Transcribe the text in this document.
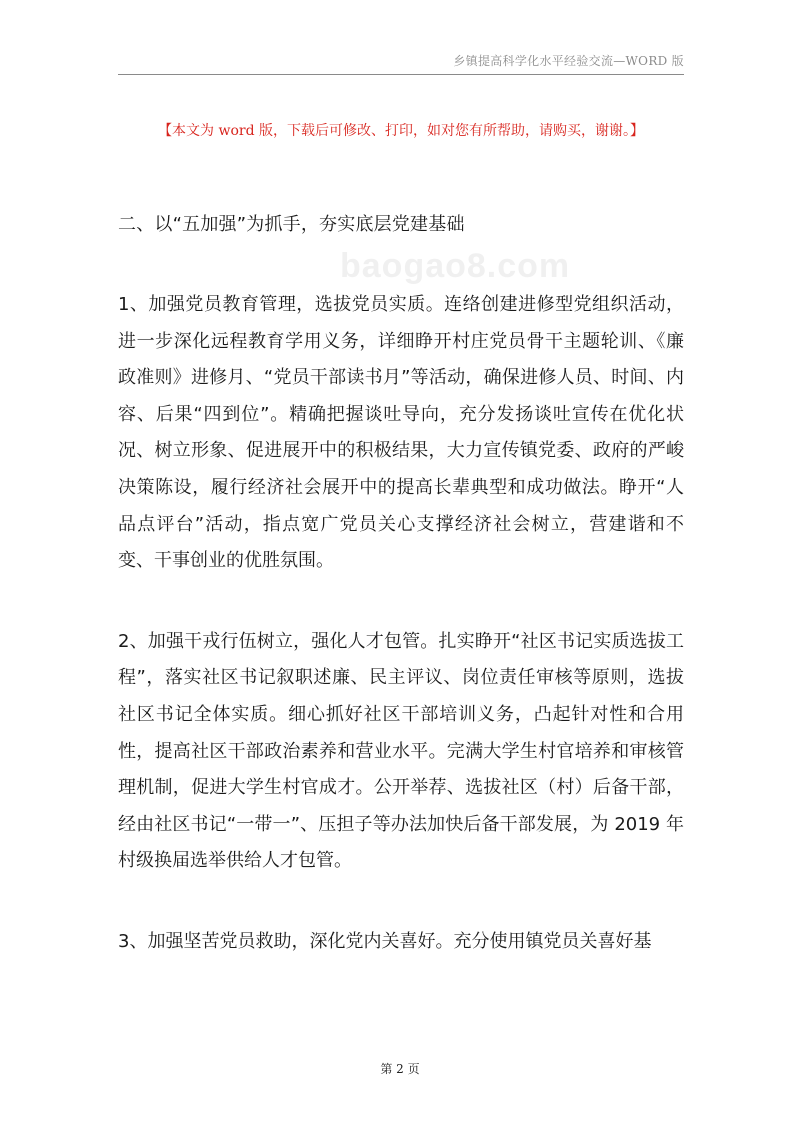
乡镇提高科学化水平经验交流—WORD 版
【本文为 word 版，下载后可修改、打印，如对您有所帮助，请购买，谢谢。】
baogao8.com
二、以“五加强”为抓手，夯实底层党建基础

1、加强党员教育管理，选拔党员实质。连络创建进修型党组织活动，进一步深化远程教育学用义务，详细睁开村庄党员骨干主题轮训、《廉政准则》进修月、“党员干部读书月”等活动，确保进修人员、时间、内容、后果“四到位”。精确把握谈吐导向，充分发扬谈吐宣传在优化状况、树立形象、促进展开中的积极结果，大力宣传镇党委、政府的严峻决策陈设，履行经济社会展开中的提高长辈典型和成功做法。睁开“人品点评台”活动，指点宽广党员关心支撑经济社会树立，营建谐和不变、干事创业的优胜氛围。

2、加强干戎行伍树立，强化人才包管。扎实睁开“社区书记实质选拔工程”，落实社区书记叙职述廉、民主评议、岗位责任审核等原则，选拔社区书记全体实质。细心抓好社区干部培训义务，凸起针对性和合用性，提高社区干部政治素养和营业水平。完满大学生村官培养和审核管理机制，促进大学生村官成才。公开举荐、选拔社区（村）后备干部，经由社区书记“一带一”、压担子等办法加快后备干部发展，为 2019 年村级换届选举供给人才包管。

3、加强坚苦党员救助，深化党内关喜好。充分使用镇党员关喜好基

第 2 页
